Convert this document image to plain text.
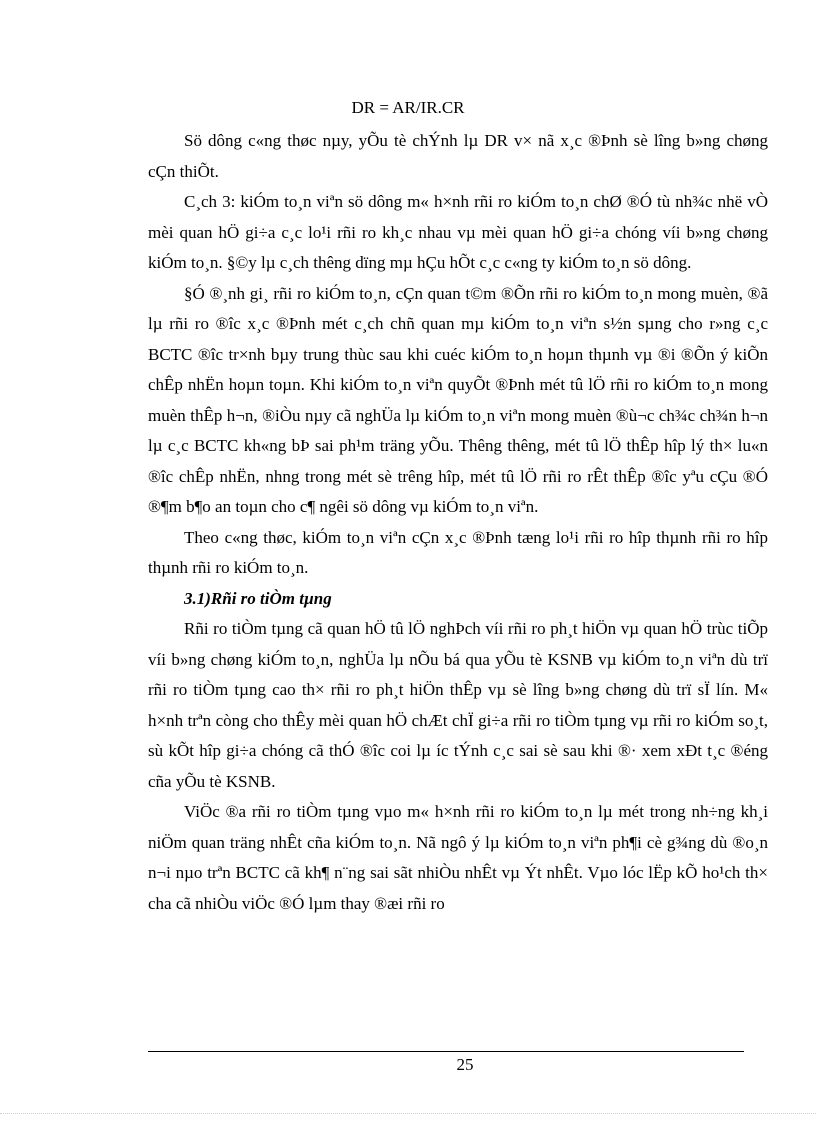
DR = AR/IR.CR

Sö dông c«ng thøc nµy, yÕu tè chÝnh lµ DR v× nã x¸c ®Þnh sè lîng b»ng chøng cÇn thiÕt.

C¸ch 3: kiÓm to¸n viªn sö dông m« h×nh rñi ro kiÓm to¸n chØ ®Ó tù nh¾c nhë vÒ mèi quan hÖ gi÷a c¸c lo¹i rñi ro kh¸c nhau vµ mèi quan hÖ gi÷a chóng víi b»ng chøng kiÓm to¸n. §©y lµ c¸ch thêng dïng mµ hÇu hÕt c¸c c«ng ty kiÓm to¸n sö dông.

§Ó ®¸nh gi¸ rñi ro kiÓm to¸n, cÇn quan t©m ®Õn rñi ro kiÓm to¸n mong muèn, ®ã lµ rñi ro ®îc x¸c ®Þnh mét c¸ch chñ quan mµ kiÓm to¸n viªn s½n sµng cho r»ng c¸c BCTC ®îc tr×nh bµy trung thùc sau khi cuéc kiÓm to¸n hoµn thµnh vµ ®i ®Õn ý kiÕn chÊp nhËn hoµn toµn. Khi kiÓm to¸n viªn quyÕt ®Þnh mét tû lÖ rñi ro kiÓm to¸n mong muèn thÊp h¬n, ®iÒu nµy cã nghÜa lµ kiÓm to¸n viªn mong muèn ®ù¬c ch¾c ch¾n h¬n lµ c¸c BCTC kh«ng bÞ sai ph¹m träng yÕu. Thêng thêng, mét tû lÖ thÊp hîp lý th× lu«n ®îc chÊp nhËn, nhng trong mét sè trêng hîp, mét tû lÖ rñi ro rÊt thÊp ®îc yªu cÇu ®Ó ®¶m b¶o an toµn cho c¶ ngêi sö dông vµ kiÓm to¸n viªn.

Theo c«ng thøc, kiÓm to¸n viªn cÇn x¸c ®Þnh tæng lo¹i rñi ro hîp thµnh rñi ro hîp thµnh rñi ro kiÓm to¸n.

3.1)Rñi ro tiÒm tµng

Rñi ro tiÒm tµng cã quan hÖ tû lÖ nghÞch víi rñi ro ph¸t hiÖn vµ quan hÖ trùc tiÕp víi b»ng chøng kiÓm to¸n, nghÜa lµ nÕu bá qua yÕu tè KSNB vµ kiÓm to¸n viªn dù trï rñi ro tiÒm tµng cao th× rñi ro ph¸t hiÖn thÊp vµ sè lîng b»ng chøng dù trï sÏ lín. M« h×nh trªn còng cho thÊy mèi quan hÖ chÆt chÏ gi÷a rñi ro tiÒm tµng vµ rñi ro kiÓm so¸t, sù kÕt hîp gi÷a chóng cã thÓ ®îc coi lµ íc tÝnh c¸c sai sè sau khi ®· xem xÐt t¸c ®éng cña yÕu tè KSNB.

ViÖc ®a rñi ro tiÒm tµng vµo m« h×nh rñi ro kiÓm to¸n lµ mét trong nh÷ng kh¸i niÖm quan träng nhÊt cña kiÓm to¸n. Nã ngô ý lµ kiÓm to¸n viªn ph¶i cè g¾ng dù ®o¸n n¬i nµo trªn BCTC cã kh¶ n¨ng sai sãt nhiÒu nhÊt vµ Ýt nhÊt. Vµo lóc lËp kÕ ho¹ch th× cha cã nhiÒu viÖc ®Ó lµm thay ®æi rñi ro

25
